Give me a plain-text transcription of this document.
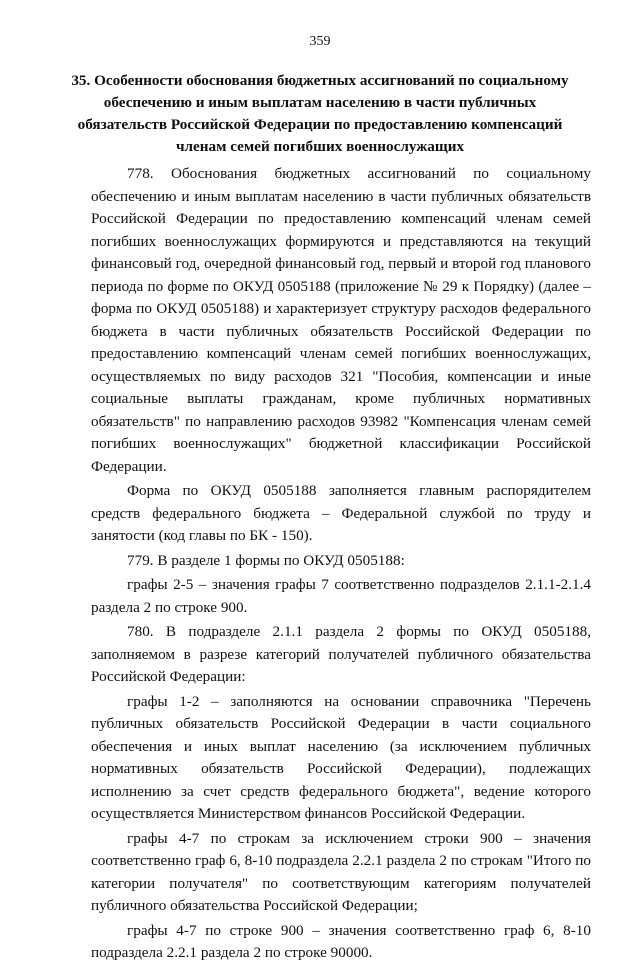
359
35. Особенности обоснования бюджетных ассигнований по социальному обеспечению и иным выплатам населению в части публичных обязательств Российской Федерации по предоставлению компенсаций членам семей погибших военнослужащих

778. Обоснования бюджетных ассигнований по социальному обеспечению и иным выплатам населению в части публичных обязательств Российской Федерации по предоставлению компенсаций членам семей погибших военнослужащих формируются и представляются на текущий финансовый год, очередной финансовый год, первый и второй год планового периода по форме по ОКУД 0505188 (приложение № 29 к Порядку) (далее – форма по ОКУД 0505188) и характеризует структуру расходов федерального бюджета в части публичных обязательств Российской Федерации по предоставлению компенсаций членам семей погибших военнослужащих, осуществляемых по виду расходов 321 "Пособия, компенсации и иные социальные выплаты гражданам, кроме публичных нормативных обязательств" по направлению расходов 93982 "Компенсация членам семей погибших военнослужащих" бюджетной классификации Российской Федерации.

Форма по ОКУД 0505188 заполняется главным распорядителем средств федерального бюджета – Федеральной службой по труду и занятости (код главы по БК - 150).

779. В разделе 1 формы по ОКУД 0505188:

графы 2-5 – значения графы 7 соответственно подразделов 2.1.1-2.1.4 раздела 2 по строке 900.

780. В подразделе 2.1.1 раздела 2 формы по ОКУД 0505188, заполняемом в разрезе категорий получателей публичного обязательства Российской Федерации:

графы 1-2 – заполняются на основании справочника "Перечень публичных обязательств Российской Федерации в части социального обеспечения и иных выплат населению (за исключением публичных нормативных обязательств Российской Федерации), подлежащих исполнению за счет средств федерального бюджета", ведение которого осуществляется Министерством финансов Российской Федерации.

графы 4-7 по строкам за исключением строки 900 – значения соответственно граф 6, 8-10 подраздела 2.2.1 раздела 2 по строкам "Итого по категории получателя" по соответствующим категориям получателей публичного обязательства Российской Федерации;

графы 4-7 по строке 900 – значения соответственно граф 6, 8-10 подраздела 2.2.1 раздела 2 по строке 90000.
